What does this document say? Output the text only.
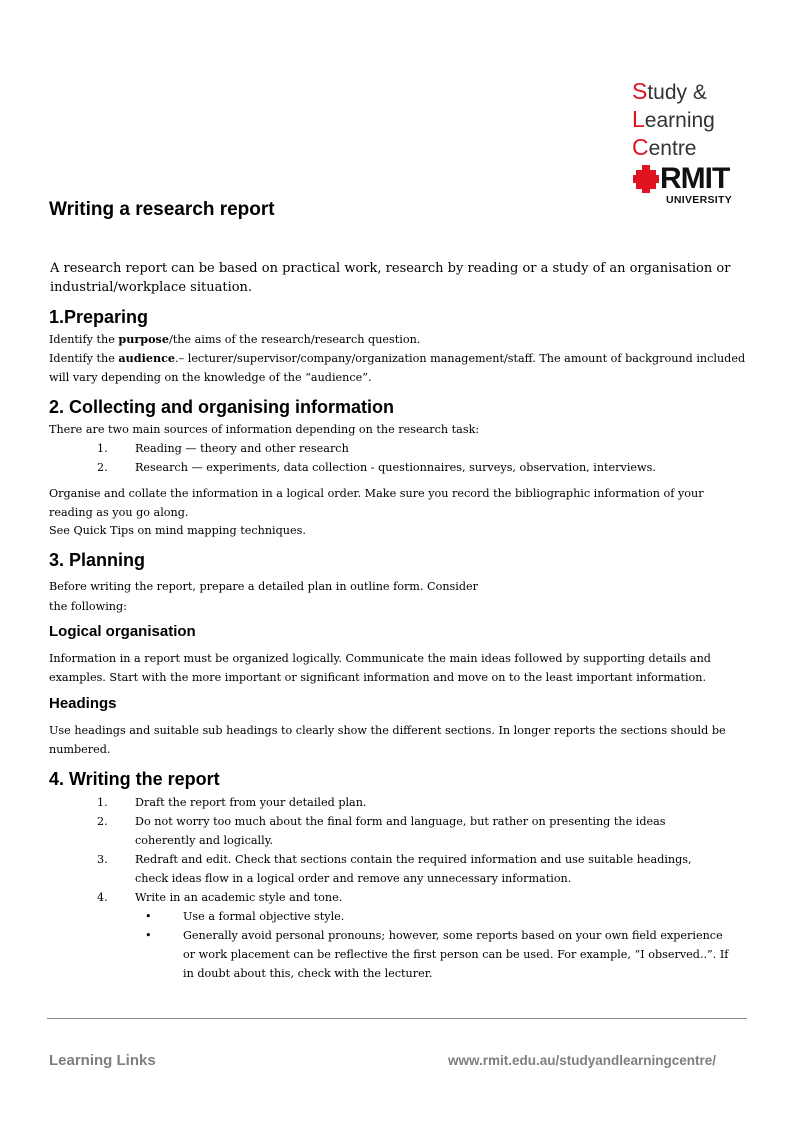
Study &
Learning
Centre
RMIT
UNIVERSITY
Writing a research report

A research report can be based on practical work, research by reading or a study of an organisation or industrial/workplace situation.

1.Preparing

Identify the purpose/the aims of the research/research question.

Identify the audience.– lecturer/supervisor/company/organization management/staff. The amount of background included will vary depending on the knowledge of the “audience”.

2. Collecting and organising information

There are two main sources of information depending on the research task:

1. Reading — theory and other research
2. Research — experiments, data collection - questionnaires, surveys, observation, interviews.

Organise and collate the information in a logical order. Make sure you record the bibliographic information of your reading as you go along.

See Quick Tips on mind mapping techniques.

3. Planning

Before writing the report, prepare a detailed plan in outline form. Consider

the following:

Logical organisation

Information in a report must be organized logically. Communicate the main ideas followed by supporting details and examples. Start with the more important or significant information and move on to the least important information.

Headings

Use headings and suitable sub headings to clearly show the different sections. In longer reports the sections should be numbered.

4. Writing the report
1. Draft the report from your detailed plan.
2. Do not worry too much about the final form and language, but rather on presenting the ideas coherently and logically.
3. Redraft and edit. Check that sections contain the required information and use suitable headings, check ideas flow in a logical order and remove any unnecessary information.
4. Write in an academic style and tone.
•	Use a formal objective style.
•	Generally avoid personal pronouns; however, some reports based on your own field experience or work placement can be reflective the first person can be used. For example, “I observed..”. If in doubt about this, check with the lecturer.
Learning Links	www.rmit.edu.au/studyandlearningcentre/
